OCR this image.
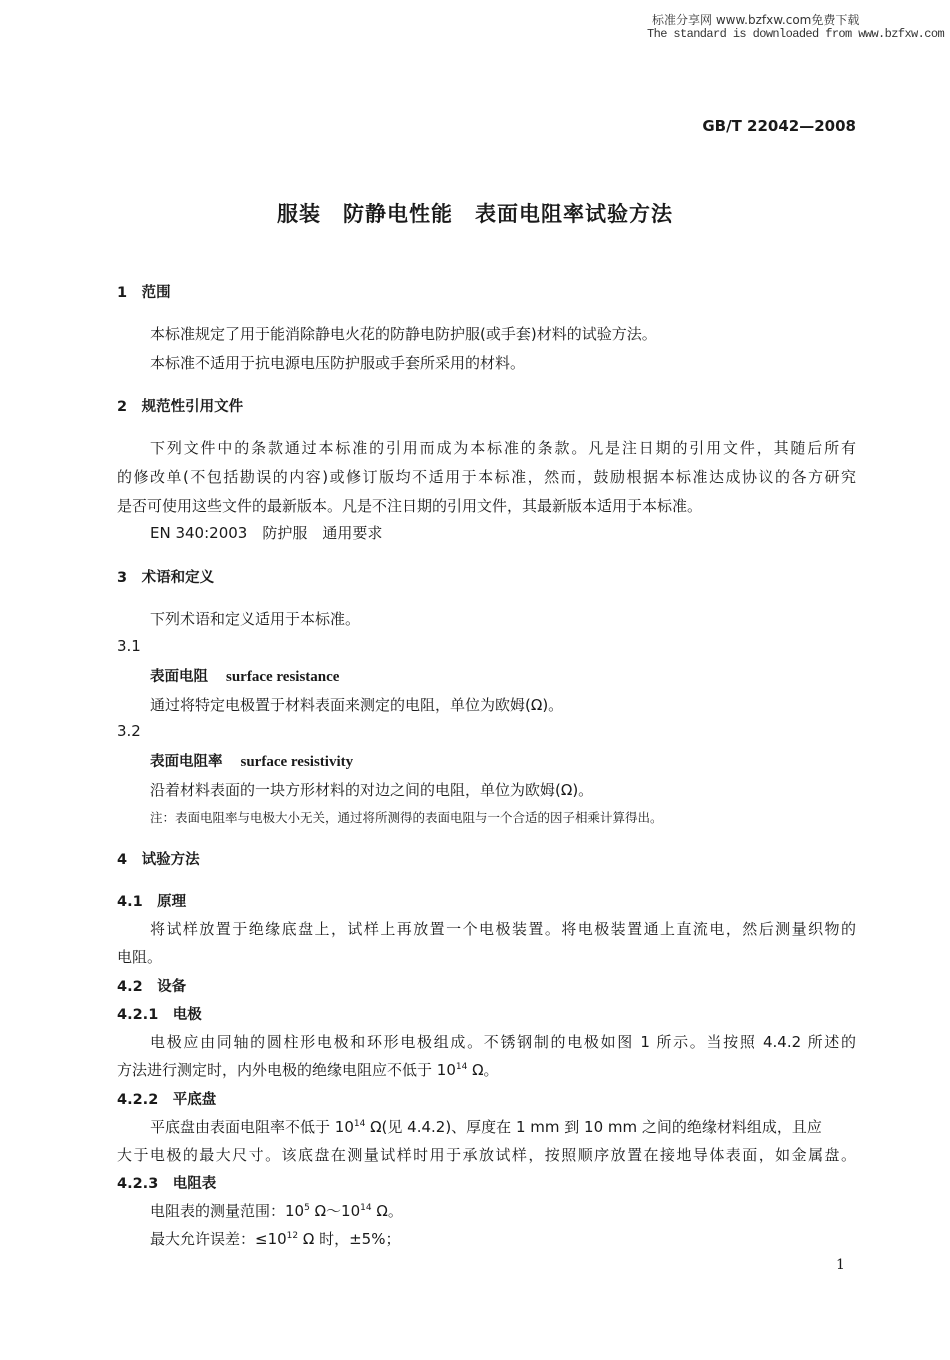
标准分享网 www.bzfxw.com免费下载
The standard is downloaded from www.bzfxw.com
GB/T 22042—2008
服装　防静电性能　表面电阻率试验方法
1　范围
本标准规定了用于能消除静电火花的防静电防护服(或手套)材料的试验方法。
本标准不适用于抗电源电压防护服或手套所采用的材料。
2　规范性引用文件
下列文件中的条款通过本标准的引用而成为本标准的条款。凡是注日期的引用文件，其随后所有
的修改单(不包括勘误的内容)或修订版均不适用于本标准，然而，鼓励根据本标准达成协议的各方研究
是否可使用这些文件的最新版本。凡是不注日期的引用文件，其最新版本适用于本标准。
EN 340:2003　防护服　通用要求
3　术语和定义
下列术语和定义适用于本标准。
3.1
表面电阻 surface resistance
通过将特定电极置于材料表面来测定的电阻，单位为欧姆(Ω)。
3.2
表面电阻率 surface resistivity
沿着材料表面的一块方形材料的对边之间的电阻，单位为欧姆(Ω)。
注：表面电阻率与电极大小无关，通过将所测得的表面电阻与一个合适的因子相乘计算得出。
4　试验方法
4.1　原理
将试样放置于绝缘底盘上，试样上再放置一个电极装置。将电极装置通上直流电，然后测量织物的
电阻。
4.2　设备
4.2.1　电极
电极应由同轴的圆柱形电极和环形电极组成。不锈钢制的电极如图 1 所示。当按照 4.4.2 所述的
方法进行测定时，内外电极的绝缘电阻应不低于 $10^{14}$ Ω。
4.2.2　平底盘
平底盘由表面电阻率不低于 $10^{14}$ Ω(见 4.4.2)、厚度在 1 mm 到 10 mm 之间的绝缘材料组成，且应
大于电极的最大尺寸。该底盘在测量试样时用于承放试样，按照顺序放置在接地导体表面，如金属盘。
4.2.3　电阻表
电阻表的测量范围：$10^5$ $\Omega\sim 10^{14}$ Ω。
最大允许误差：$\le 10^{12}$ Ω 时，±5%；
1
